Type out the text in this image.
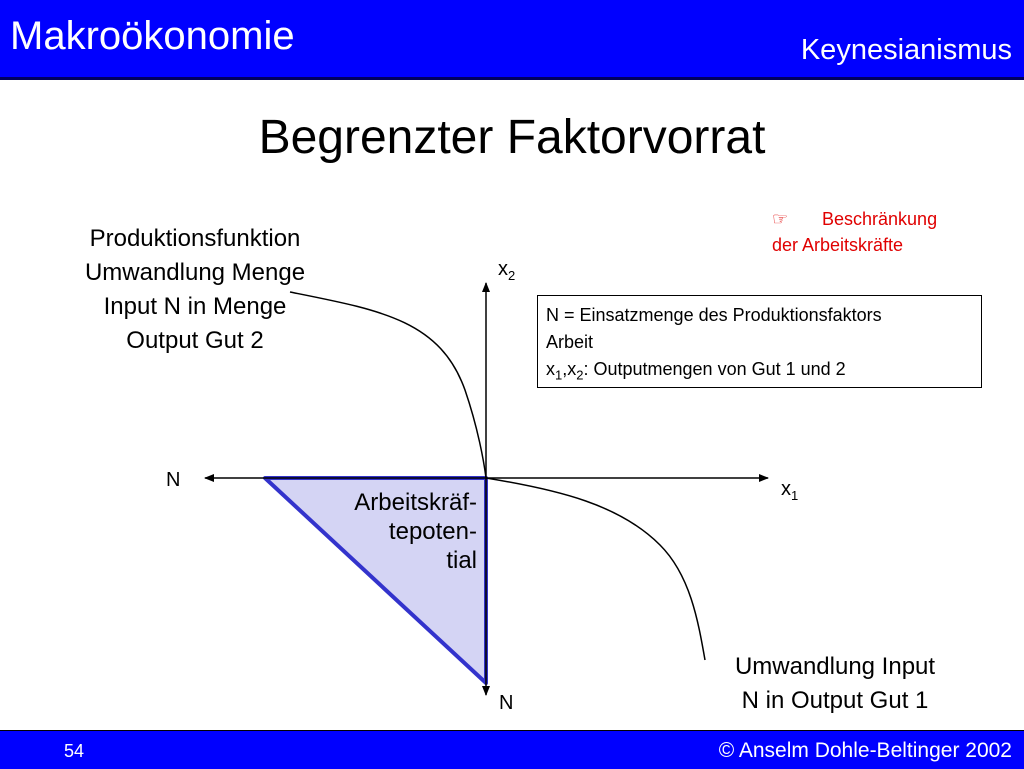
Makroökonomie	Keynesianismus
Begrenzter Faktorvorrat
☞ Beschränkung
der Arbeitskräfte
Produktionsfunktion
Umwandlung Menge
Input N in Menge
Output Gut 2
N = Einsatzmenge des Produktionsfaktors
Arbeit
$x_1,x_2$: Outputmengen von Gut 1 und 2
$x_2$
$x_1$
N
N
Arbeitskräf-
tepoten-
tial
Umwandlung Input
N in Output Gut 1
54	© Anselm Dohle-Beltinger 2002
